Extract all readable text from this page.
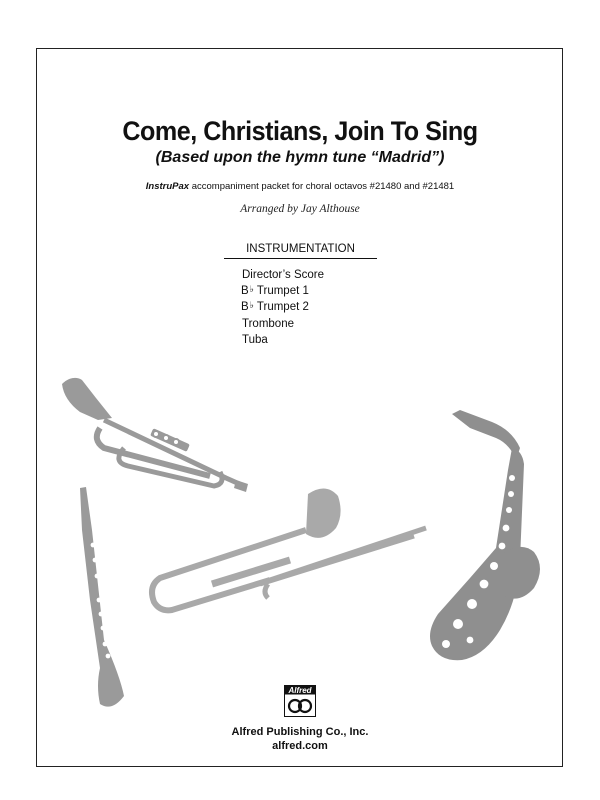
Come, Christians, Join To Sing
(Based upon the hymn tune “Madrid”)
InstruPax accompaniment packet for choral octavos #21480 and #21481
Arranged by Jay Althouse
INSTRUMENTATION
Director’s Score
B♭ Trumpet 1
B♭ Trumpet 2
Trombone
Tuba
Alfred
Alfred Publishing Co., Inc.
alfred.com
